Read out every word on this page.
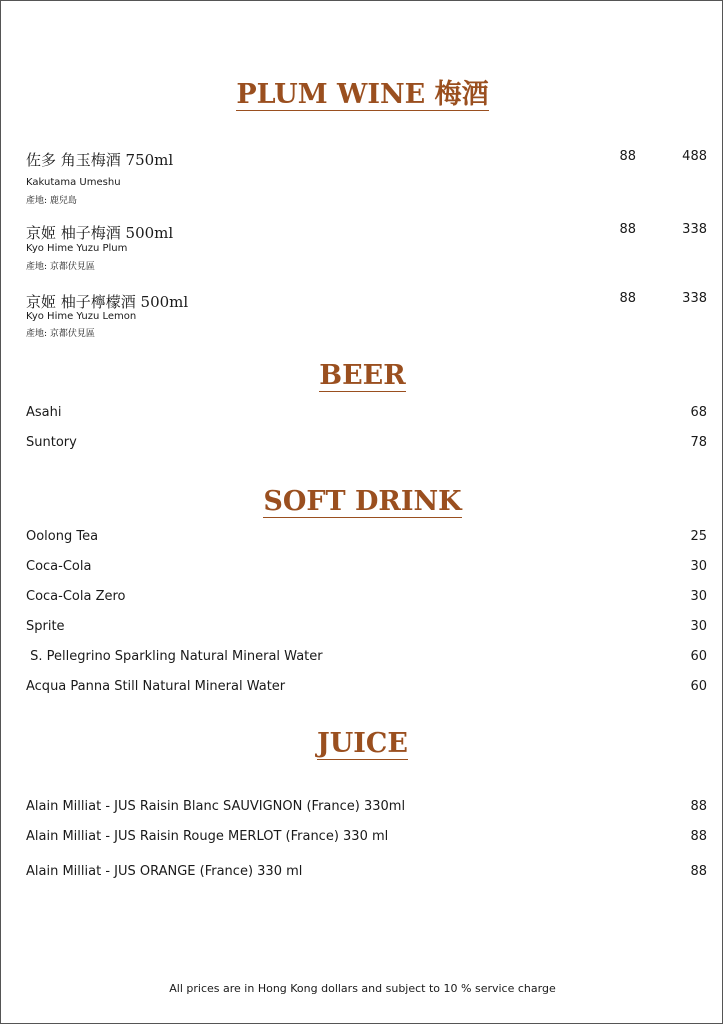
PLUM WINE 梅酒
佐多 角玉梅酒 750ml	88	488
Kakutama Umeshu
產地: 鹿兒島
京姬 柚子梅酒 500ml	88	338
Kyo Hime Yuzu Plum
產地: 京都伏見區
京姬 柚子檸檬酒 500ml	88	338
Kyo Hime Yuzu Lemon
產地: 京都伏見區
BEER
Asahi	68
Suntory	78
SOFT DRINK
Oolong Tea	25
Coca-Cola	30
Coca-Cola Zero	30
Sprite	30
S. Pellegrino Sparkling Natural Mineral Water	60
Acqua Panna Still Natural Mineral Water	60
JUICE
Alain Milliat - JUS Raisin Blanc SAUVIGNON (France) 330ml	88
Alain Milliat - JUS Raisin Rouge MERLOT (France) 330 ml	88
Alain Milliat - JUS ORANGE (France) 330 ml	88
All prices are in Hong Kong dollars and subject to 10 % service charge
